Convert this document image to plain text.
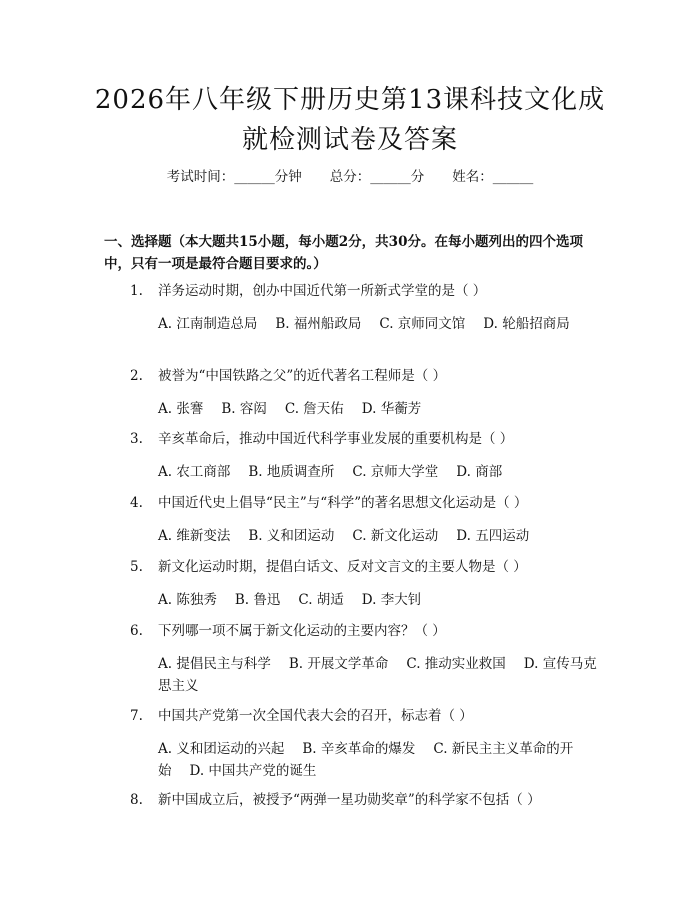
2026年八年级下册历史第13课科技文化成
就检测试卷及答案
考试时间：______分钟 总分：______分 姓名：______
一、选择题（本大题共15小题，每小题2分，共30分。在每小题列出的四个选项中，只有一项是最符合题目要求的。）
1. 洋务运动时期，创办中国近代第一所新式学堂的是（ ）
A. 江南制造总局 B. 福州船政局 C. 京师同文馆 D. 轮船招商局
2. 被誉为“中国铁路之父”的近代著名工程师是（ ）
A. 张謇 B. 容闳 C. 詹天佑 D. 华蘅芳
3. 辛亥革命后，推动中国近代科学事业发展的重要机构是（ ）
A. 农工商部 B. 地质调查所 C. 京师大学堂 D. 商部
4. 中国近代史上倡导“民主”与“科学”的著名思想文化运动是（ ）
A. 维新变法 B. 义和团运动 C. 新文化运动 D. 五四运动
5. 新文化运动时期，提倡白话文、反对文言文的主要人物是（ ）
A. 陈独秀 B. 鲁迅 C. 胡适 D. 李大钊
6. 下列哪一项不属于新文化运动的主要内容？（ ）
A. 提倡民主与科学 B. 开展文学革命 C. 推动实业救国 D. 宣传马克思主义
7. 中国共产党第一次全国代表大会的召开，标志着（ ）
A. 义和团运动的兴起 B. 辛亥革命的爆发 C. 新民主主义革命的开始 D. 中国共产党的诞生
8. 新中国成立后，被授予“两弹一星功勋奖章”的科学家不包括（ ）
